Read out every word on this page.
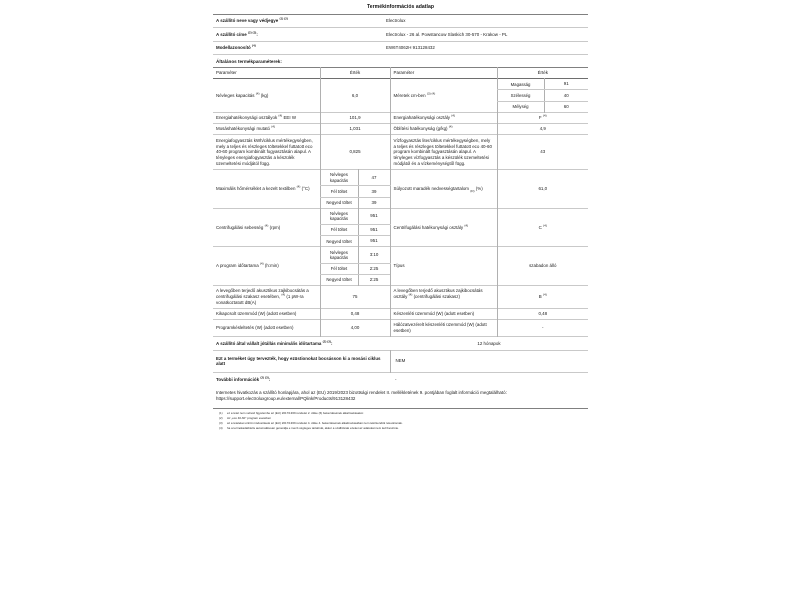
Termékinformációs adatlap
A szállító neve vagy védjegye $^{(1) (2)}$	Electrolux
A szállító címe $^{(2) (3)}$:	Electrolux - 26 al. Powstancow Slaskich 30-570 - Krakow - PL
Modellazonosító $^{(4)}$	EW6T4062H 913128432
Általános termékparaméterek:
Paraméter	Érték		Paraméter	Érték	
Névleges kapacitás $^{(4)}$ (kg)	6,0		Méretek cm-ben $^{(3) (4)}$	Magasság	91
				Szélesség	40
				Mélység	60
Energiahatékonysági osztályok $^{(4)}$ EEI W	101,9		Energiahatékonysági osztály $^{(4)}$	F $^{(4)}$
Mosáshatékonysági mutató $^{(4)}$	1,031		Öblítési hatékonyság (g/kg) $^{(4)}$	4,9	
Energiafogyasztás kWh/ciklus mértékegységben, mely a teljes és részleges töltetekkel futtatott eco 40-60 program kombinált fogyasztásán alapul. A tényleges energiafogyasztás a készülék üzemeltetési módjától függ.	0,825	Vízfogyasztás liter/ciklus mértékegységben, mely a teljes és részleges töltetekkel futtatott eco 40-60 program kombinált fogyasztásán alapul. A tényleges vízfogyasztás a készülék üzemeltetési módjától és a vízkeménységtől függ.	43
Maximális hőmérséklet a kezelt textilben $^{(4)}$ (°C)	Névleges kapacitás	47	Súlyozott maradék nedvességtartalom $_{(D)}$ (%)	61,0	
	Fél töltet	39			
	Negyed töltet	39			
Centrifugálási sebesség $^{(4)}$ (rpm)	Névleges kapacitás	951	Centrifugálási hatékonysági osztály $^{(4)}$	C $^{(4)}$
	Fél töltet	951			
	Negyed töltet	951			
A program időtartama $^{(4)}$ (h:min)	Névleges kapacitás	3:10	Típus	szabadon álló	
	Fél töltet	2:25			
	Negyed töltet	2:25			
A levegőben terjedő akusztikus zajkibocsátás a centrifugálási szakasz esetében, $^{(4)}$ (1 pW-ra vonatkoztatott dB(A)	75		A levegőben terjedő akusztikus zajkibocsátás osztály $^{(4)}$ (centrifugálási szakasz)	B $^{(4)}$
Kikapcsolt üzemmód (W) (adott esetben)	0,48		Készenléti üzemmód (W) (adott esetben)	0,48	
Programkésleltetés (W) (adott esetben)	4,00		Hálózatvezérelt készenléti üzemmód (W) (adott esetben)	-	
A szállító által vállalt jótállás minimális időtartama $^{(2) (3)}$:	12 hónapok
Ezt a terméket úgy tervezték, hogy ezüstionokat bocsásson ki a mosási ciklus alatt	NEM
További információk $^{(2) (3)}$:	-
Internetes hivatkozás a szállító honlapjára, ahol az (EU) 2019/2023 bizottsági rendelet II. mellékletének 9. pontjában foglalt információ megtalálható: https://support.electroluxgroup.eu/external/PQlink/Products/913128432
(1) ez a tétel nem vehető figyelembe az (EU) 2017/1369 rendelet 2. cikke (6) bekezdésének alkalmazásakor.
(2) Az „eco 40-60" program esetében
(3) az a tételeket érintő módosítások az (EU) 2017/1369 rendelet 4. cikke 4. bekezdésének alkalmazásában nem tekintendők relevánsnak.
(4) ha a termékadatbázis automatikusan generálja e mező végleges tartalmát, akkor a szállítónak ezeket az adatokat nem kell bevinnie.
